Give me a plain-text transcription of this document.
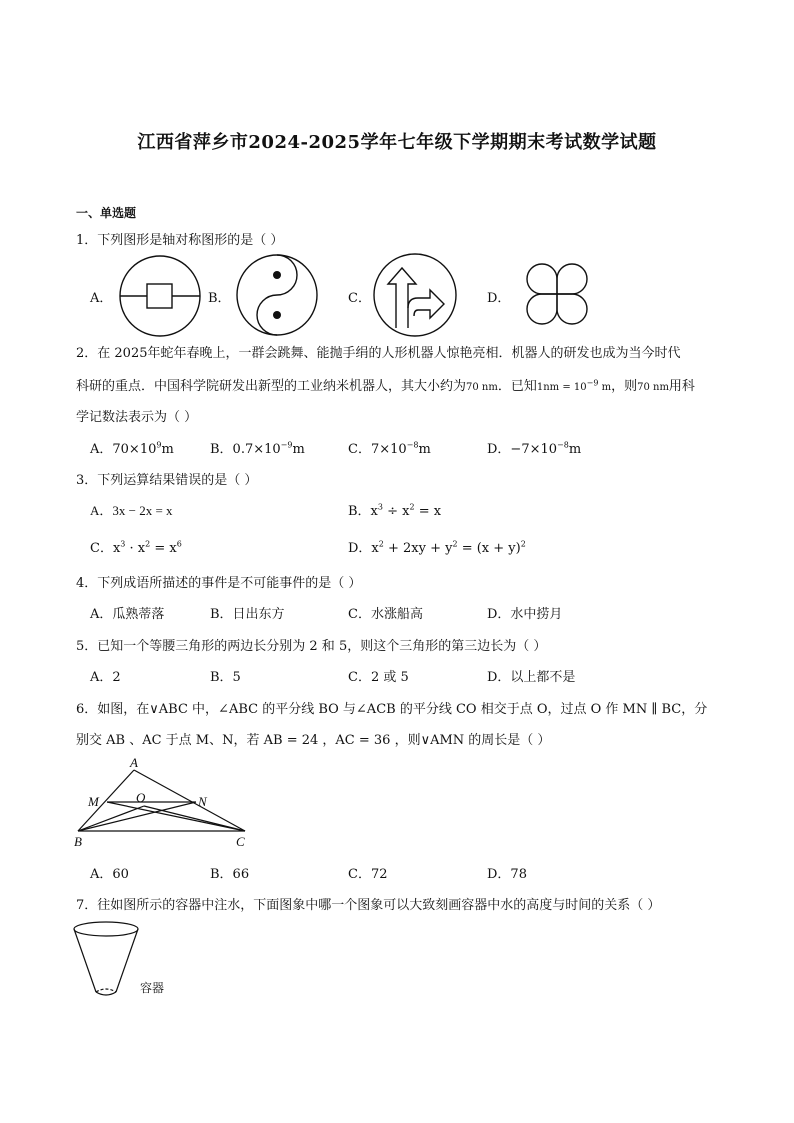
江西省萍乡市2024-2025学年七年级下学期期末考试数学试题
一、单选题
1．下列图形是轴对称图形的是（ ）
A．	B．	C．	D．
2．在 2025年蛇年春晚上，一群会跳舞、能抛手绢的人形机器人惊艳亮相．机器人的研发也成为当今时代
科研的重点．中国科学院研发出新型的工业纳米机器人，其大小约为70 nm．已知$1nm = 10^{-9}$ m，则70 nm用科
学记数法表示为（ ）
A．$70\times 10^9m$	B．$0.7\times 10^{-9}m$	C．$7\times 10^{-8}m$	D．$-7\times 10^{-8}m$
3．下列运算结果错误的是（ ）
A．3x − 2x = x	B．$x^3 \div x^2 = x$
C．$x^3 \cdot x^2 = x^6$	D．$x^2 + 2xy + y^2 = (x + y)^2$
4．下列成语所描述的事件是不可能事件的是（ ）
A．瓜熟蒂落	B．日出东方	C．水涨船高	D．水中捞月
5．已知一个等腰三角形的两边长分别为 2 和 5，则这个三角形的第三边长为（ ）
A．2	B．5	C．2 或 5	D．以上都不是
6．如图，在∨ABC 中，∠ABC 的平分线 BO 与∠ACB 的平分线 CO 相交于点 O，过点 O 作 MN ∥ BC，分
别交 AB 、AC 于点 M、N，若 AB = 24 ，AC = 36 ，则∨AMN 的周长是（ ）
A
M	O	N
B	C
A．60	B．66	C．72	D．78
7．往如图所示的容器中注水，下面图象中哪一个图象可以大致刻画容器中水的高度与时间的关系（ ）
容器
